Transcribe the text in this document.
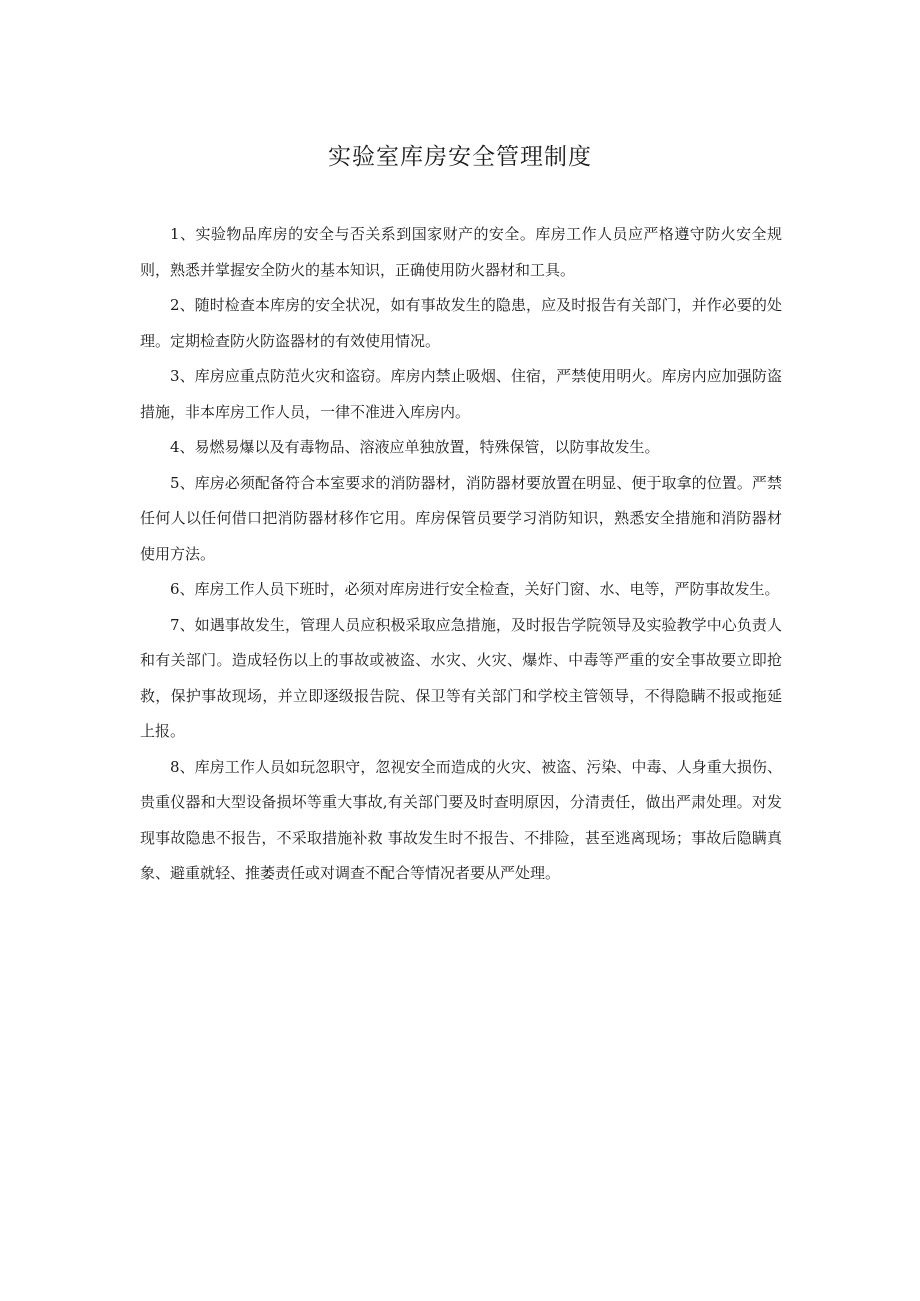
实验室库房安全管理制度

1、实验物品库房的安全与否关系到国家财产的安全。库房工作人员应严格遵守防火安全规则，熟悉并掌握安全防火的基本知识，正确使用防火器材和工具。

2、随时检查本库房的安全状况，如有事故发生的隐患，应及时报告有关部门，并作必要的处理。定期检查防火防盗器材的有效使用情况。

3、库房应重点防范火灾和盗窃。库房内禁止吸烟、住宿，严禁使用明火。库房内应加强防盗措施，非本库房工作人员，一律不准进入库房内。

4、易燃易爆以及有毒物品、溶液应单独放置，特殊保管，以防事故发生。

5、库房必须配备符合本室要求的消防器材，消防器材要放置在明显、便于取拿的位置。严禁任何人以任何借口把消防器材移作它用。库房保管员要学习消防知识，熟悉安全措施和消防器材使用方法。

6、库房工作人员下班时，必须对库房进行安全检查，关好门窗、水、电等，严防事故发生。

7、如遇事故发生，管理人员应积极采取应急措施，及时报告学院领导及实验教学中心负责人和有关部门。造成轻伤以上的事故或被盗、水灾、火灾、爆炸、中毒等严重的安全事故要立即抢救，保护事故现场，并立即逐级报告院、保卫等有关部门和学校主管领导，不得隐瞒不报或拖延上报。

8、库房工作人员如玩忽职守，忽视安全而造成的火灾、被盗、污染、中毒、人身重大损伤、贵重仪器和大型设备损坏等重大事故,有关部门要及时查明原因，分清责任，做出严肃处理。对发现事故隐患不报告，不采取措施补救 事故发生时不报告、不排险，甚至逃离现场；事故后隐瞒真象、避重就轻、推萎责任或对调查不配合等情况者要从严处理。
